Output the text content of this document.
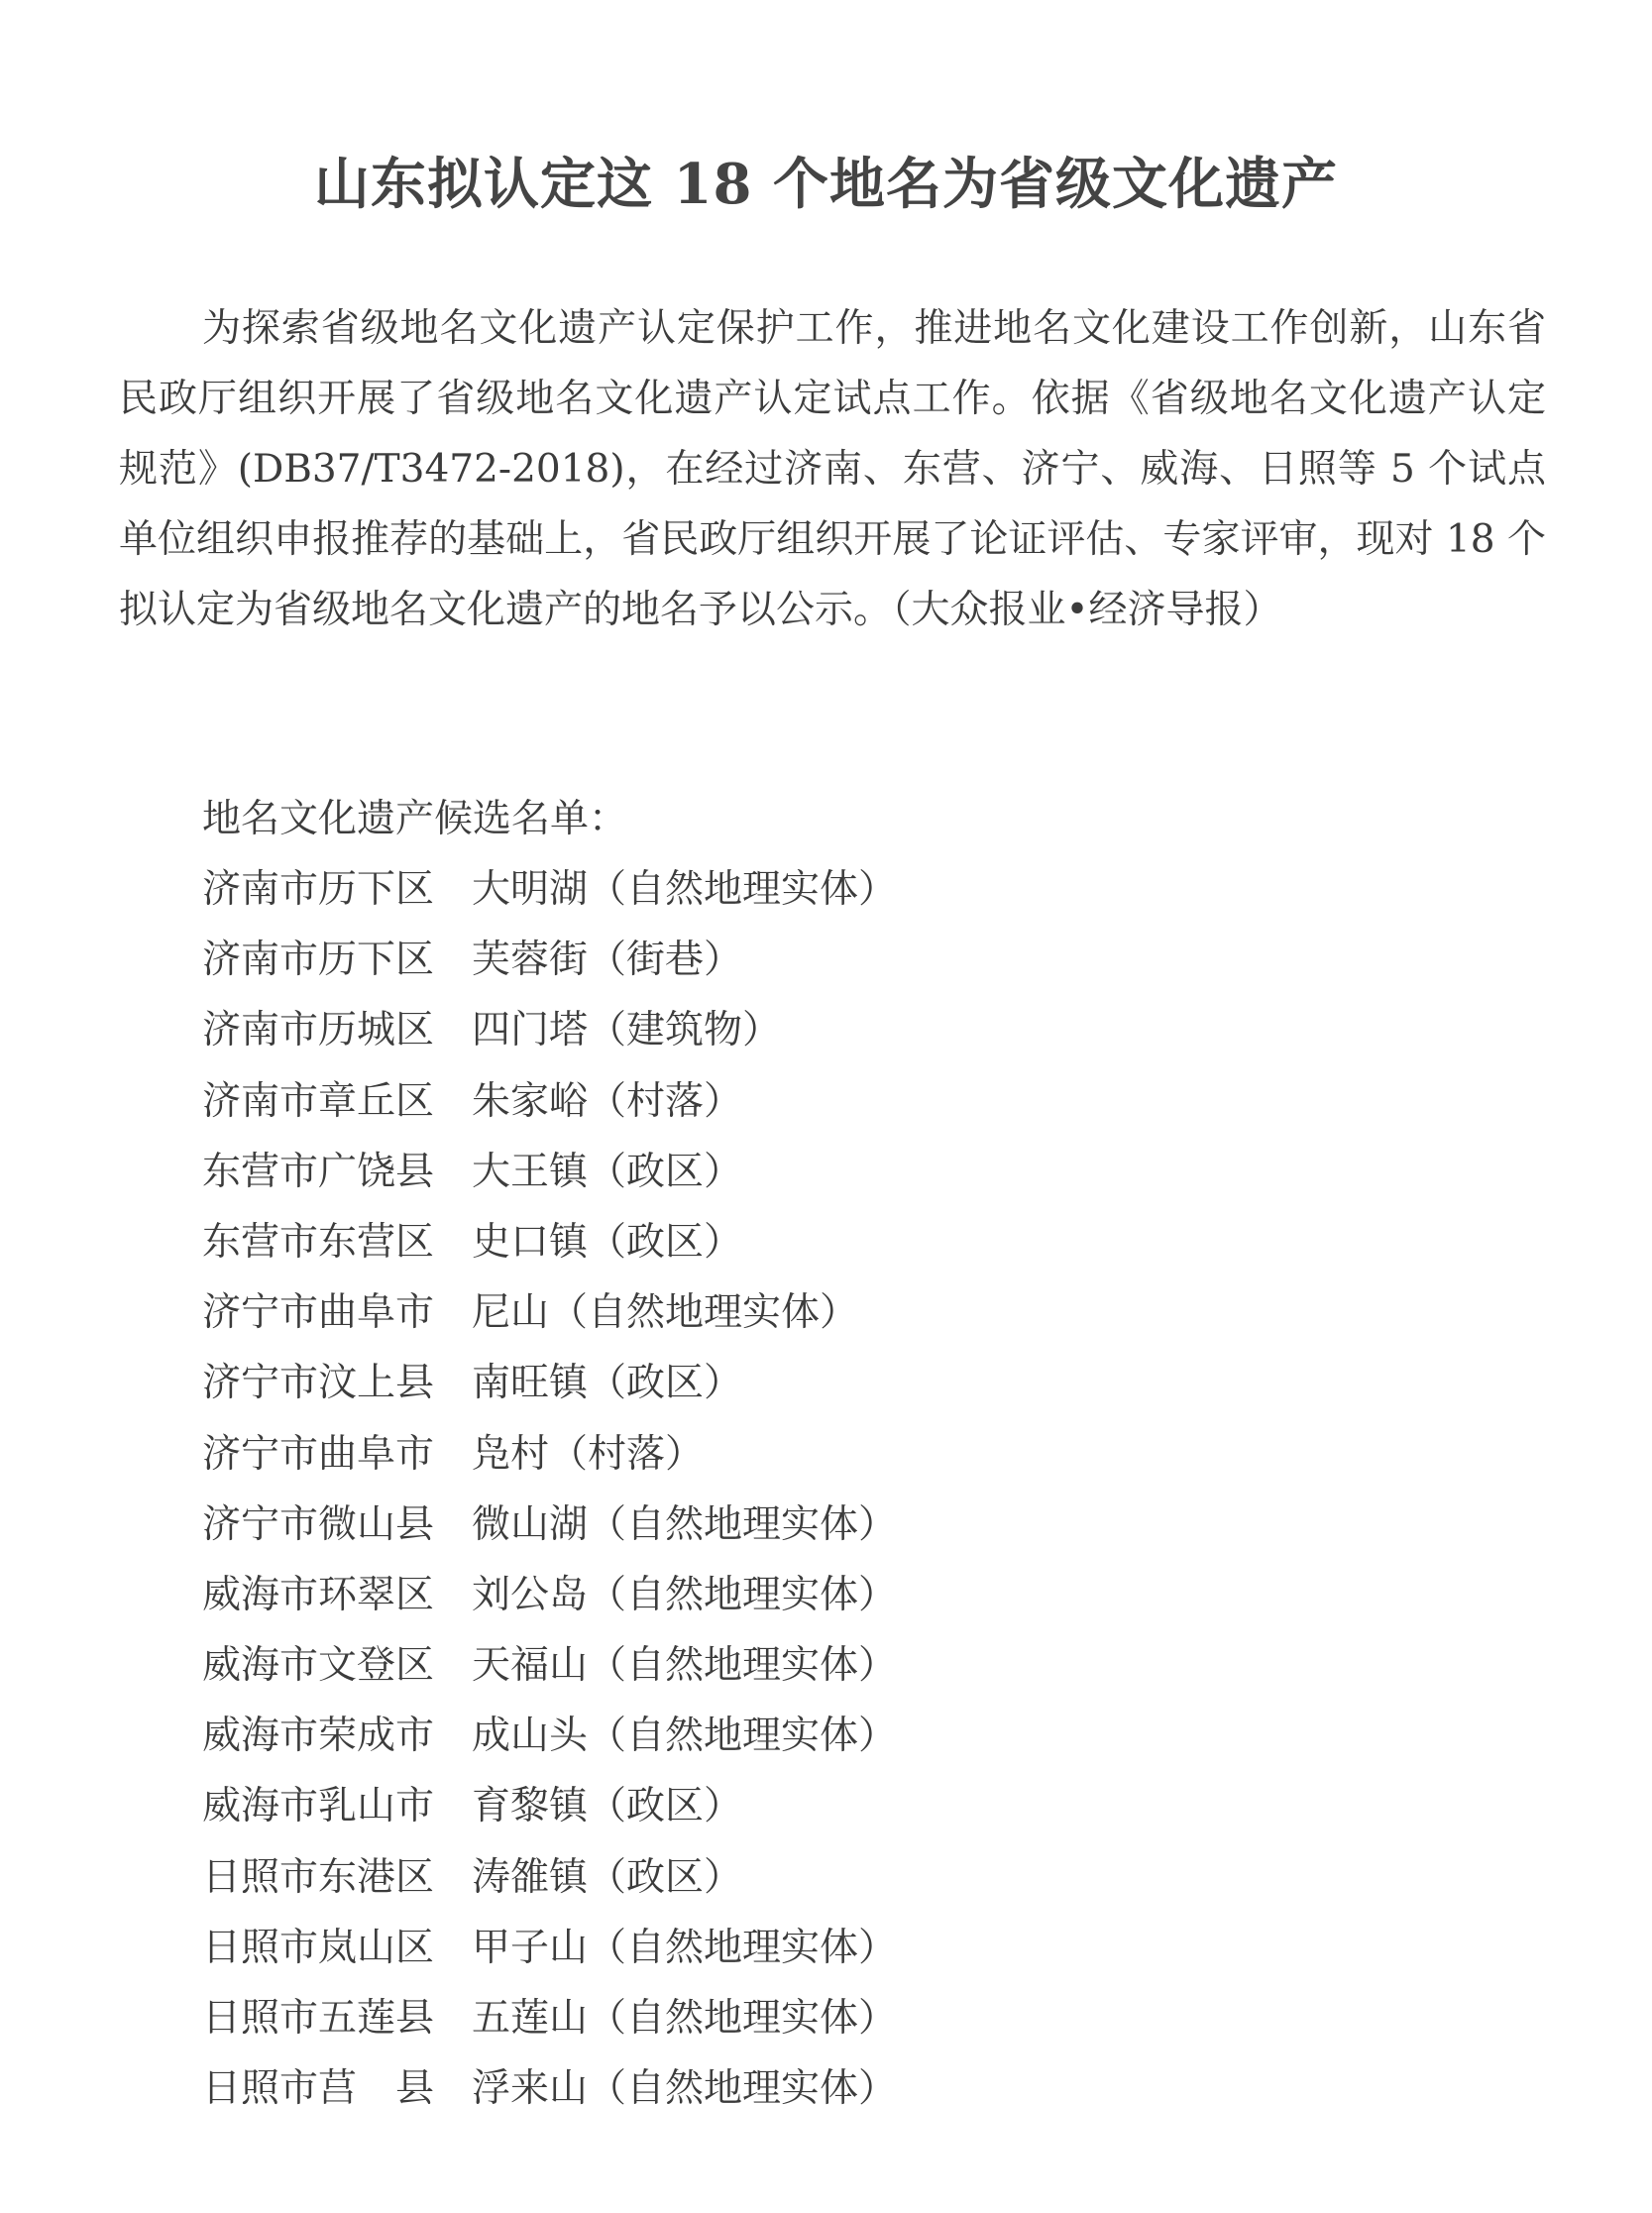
山东拟认定这 18 个地名为省级文化遗产

为探索省级地名文化遗产认定保护工作，推进地名文化建设工作创新，山东省民政厅组织开展了省级地名文化遗产认定试点工作。依据《省级地名文化遗产认定规范》(DB37/T3472-2018)，在经过济南、东营、济宁、威海、日照等 5 个试点单位组织申报推荐的基础上，省民政厅组织开展了论证评估、专家评审，现对 18 个拟认定为省级地名文化遗产的地名予以公示。（大众报业•经济导报）

地名文化遗产候选名单：
济南市历下区 大明湖（自然地理实体）
济南市历下区 芙蓉街（街巷）
济南市历城区 四门塔（建筑物）
济南市章丘区 朱家峪（村落）
东营市广饶县 大王镇（政区）
东营市东营区 史口镇（政区）
济宁市曲阜市 尼山（自然地理实体）
济宁市汶上县 南旺镇（政区）
济宁市曲阜市 凫村（村落）
济宁市微山县 微山湖（自然地理实体）
威海市环翠区 刘公岛（自然地理实体）
威海市文登区 天福山（自然地理实体）
威海市荣成市 成山头（自然地理实体）
威海市乳山市 育黎镇（政区）
日照市东港区 涛雒镇（政区）
日照市岚山区 甲子山（自然地理实体）
日照市五莲县 五莲山（自然地理实体）
日照市莒　县 浮来山（自然地理实体）
